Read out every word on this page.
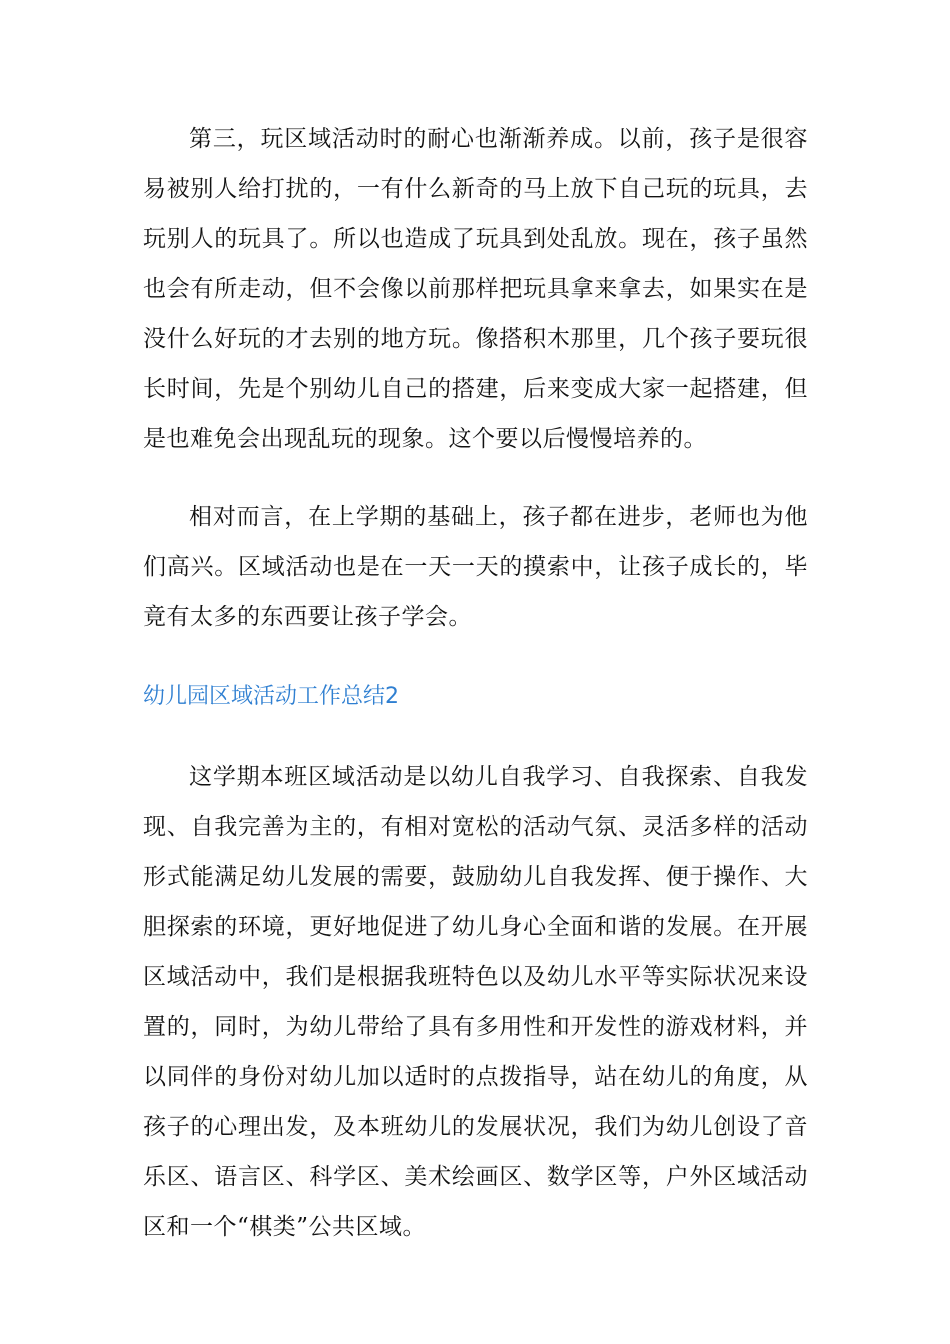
第三，玩区域活动时的耐心也渐渐养成。以前，孩子是很容易被别人给打扰的，一有什么新奇的马上放下自己玩的玩具，去玩别人的玩具了。所以也造成了玩具到处乱放。现在，孩子虽然也会有所走动，但不会像以前那样把玩具拿来拿去，如果实在是没什么好玩的才去别的地方玩。像搭积木那里，几个孩子要玩很长时间，先是个别幼儿自己的搭建，后来变成大家一起搭建，但是也难免会出现乱玩的现象。这个要以后慢慢培养的。

相对而言，在上学期的基础上，孩子都在进步，老师也为他们高兴。区域活动也是在一天一天的摸索中，让孩子成长的，毕竟有太多的东西要让孩子学会。

幼儿园区域活动工作总结2

这学期本班区域活动是以幼儿自我学习、自我探索、自我发现、自我完善为主的，有相对宽松的活动气氛、灵活多样的活动形式能满足幼儿发展的需要，鼓励幼儿自我发挥、便于操作、大胆探索的环境，更好地促进了幼儿身心全面和谐的发展。在开展区域活动中，我们是根据我班特色以及幼儿水平等实际状况来设置的，同时，为幼儿带给了具有多用性和开发性的游戏材料，并以同伴的身份对幼儿加以适时的点拨指导，站在幼儿的角度，从孩子的心理出发，及本班幼儿的发展状况，我们为幼儿创设了音乐区、语言区、科学区、美术绘画区、数学区等，户外区域活动区和一个“棋类”公共区域。
